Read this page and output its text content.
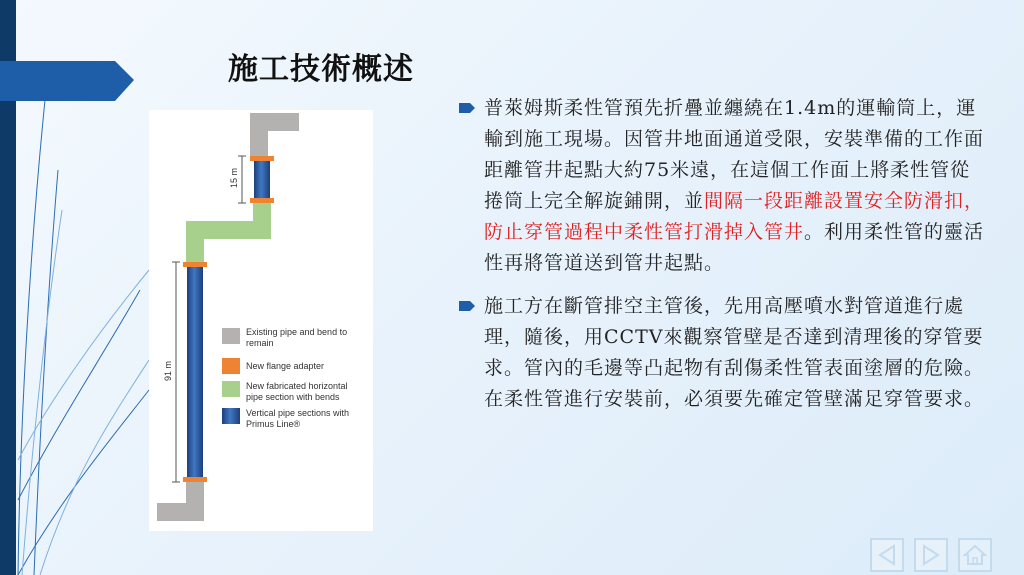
施工技術概述
15 m
91 m
Existing pipe and bend to remain
New flange adapter
New fabricated horizontal pipe section with bends
Vertical pipe sections with Primus Line®
普萊姆斯柔性管預先折疊並纏繞在1.4m的運輸筒上，運輸到施工現場。因管井地面通道受限，安裝準備的工作面距離管井起點大約75米遠，在這個工作面上將柔性管從捲筒上完全解旋鋪開，並間隔一段距離設置安全防滑扣，防止穿管過程中柔性管打滑掉入管井。利用柔性管的靈活性再將管道送到管井起點。
施工方在斷管排空主管後，先用高壓噴水對管道進行處理，隨後，用CCTV來觀察管壁是否達到清理後的穿管要求。管內的毛邊等凸起物有刮傷柔性管表面塗層的危險。在柔性管進行安裝前，必須要先確定管壁滿足穿管要求。
